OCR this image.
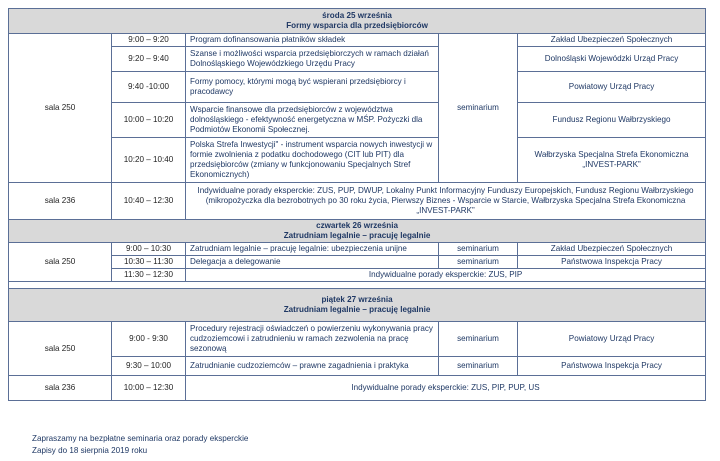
środa 25 września
Formy wsparcia dla przedsiębiorców				
sala 250	9:00 – 9:20	Program dofinansowania płatników składek	seminarium	Zakład Ubezpieczeń Społecznych
	9:20 – 9:40	Szanse i możliwości wsparcia przedsiębiorczych w ramach działań Dolnośląskiego Wojewódzkiego Urzędu Pracy		Dolnośląski Wojewódzki Urząd Pracy
	9:40 -10:00	Formy pomocy, którymi mogą być wspierani przedsiębiorcy i pracodawcy		Powiatowy Urząd Pracy
	10:00 – 10:20	Wsparcie finansowe dla przedsiębiorców z województwa dolnośląskiego - efektywność energetyczna w MŚP. Pożyczki dla Podmiotów Ekonomii Społecznej.		Fundusz Regionu Wałbrzyskiego
	10:20 – 10:40	Polska Strefa Inwestycji" - instrument wsparcia nowych inwestycji w formie zwolnienia z podatku dochodowego (CIT lub PIT) dla przedsiębiorców (zmiany w funkcjonowaniu Specjalnych Stref Ekonomicznych)		Wałbrzyska Specjalna Strefa Ekonomiczna „INVEST-PARK”
sala 236	10:40 – 12:30	Indywidualne porady eksperckie: ZUS, PUP, DWUP, Lokalny Punkt Informacyjny Funduszy Europejskich, Fundusz Regionu Wałbrzyskiego (mikropożyczka dla bezrobotnych po 30 roku życia, Pierwszy Biznes - Wsparcie w Starcie, Wałbrzyska Specjalna Strefa Ekonomiczna „INVEST-PARK”		
czwartek 26 września
Zatrudniam legalnie – pracuję legalnie				
sala 250	9:00 – 10:30	Zatrudniam legalnie – pracuję legalnie: ubezpieczenia unijne	seminarium	Zakład Ubezpieczeń Społecznych
	10:30 – 11:30	Delegacja a delegowanie	seminarium	Państwowa Inspekcja Pracy
	11:30 – 12:30	Indywidualne porady eksperckie: ZUS, PIP		

piątek 27 września
Zatrudniam legalnie – pracuję legalnie				
sala 250	9:00 - 9:30	Procedury rejestracji oświadczeń o powierzeniu wykonywania pracy cudzoziemcowi i zatrudnieniu w ramach zezwolenia na pracę sezonową	seminarium	Powiatowy Urząd Pracy
	9:30 – 10:00	Zatrudnianie cudzoziemców – prawne zagadnienia i praktyka	seminarium	Państwowa Inspekcja Pracy
sala 236	10:00 – 12:30	Indywidualne porady eksperckie: ZUS, PIP, PUP, US		
Zapraszamy na bezpłatne seminaria oraz porady eksperckie
Zapisy do 18 sierpnia 2019 roku
